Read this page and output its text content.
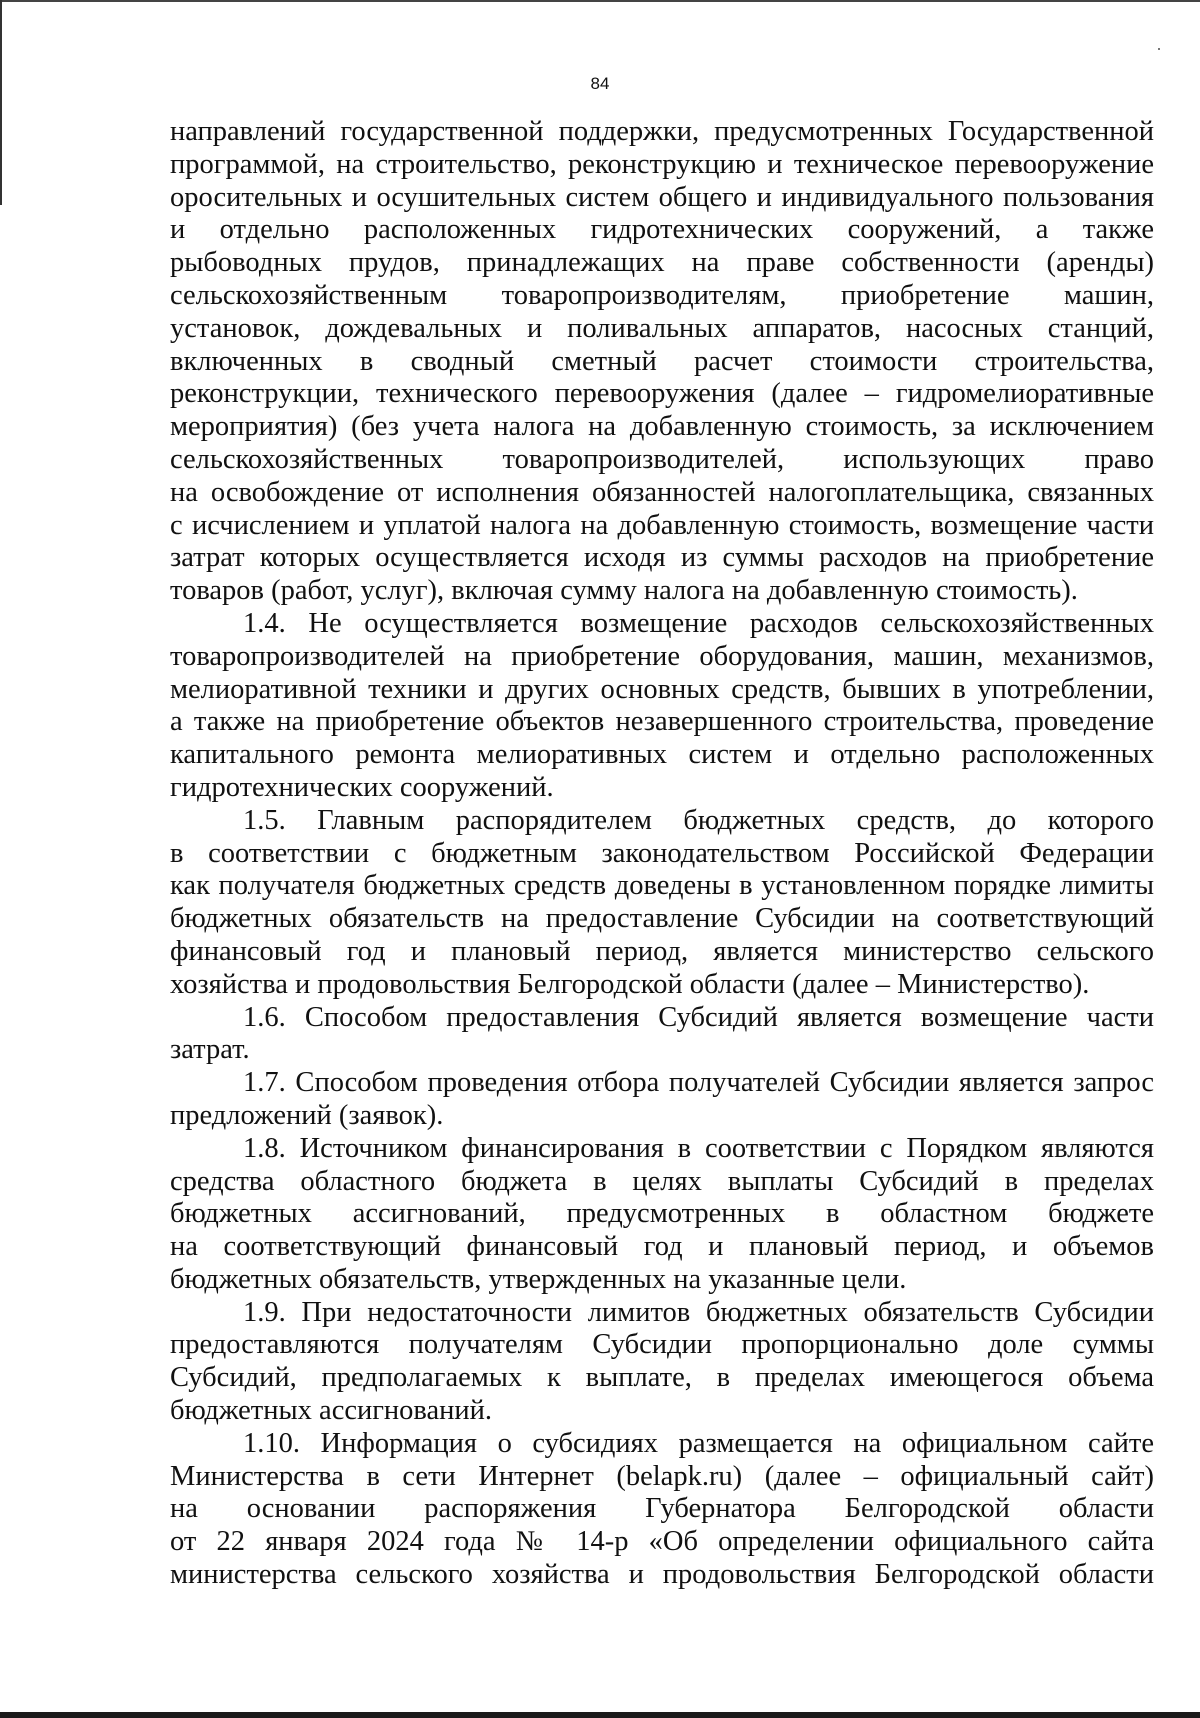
84
направлений государственной поддержки, предусмотренных Государственной
программой, на строительство, реконструкцию и техническое перевооружение
оросительных и осушительных систем общего и индивидуального пользования
и отдельно расположенных гидротехнических сооружений, а также
рыбоводных прудов, принадлежащих на праве собственности (аренды)
сельскохозяйственным товаропроизводителям, приобретение машин,
установок, дождевальных и поливальных аппаратов, насосных станций,
включенных в сводный сметный расчет стоимости строительства,
реконструкции, технического перевооружения (далее – гидромелиоративные
мероприятия) (без учета налога на добавленную стоимость, за исключением
сельскохозяйственных товаропроизводителей, использующих право
на освобождение от исполнения обязанностей налогоплательщика, связанных
с исчислением и уплатой налога на добавленную стоимость, возмещение части
затрат которых осуществляется исходя из суммы расходов на приобретение
товаров (работ, услуг), включая сумму налога на добавленную стоимость).
1.4. Не осуществляется возмещение расходов сельскохозяйственных
товаропроизводителей на приобретение оборудования, машин, механизмов,
мелиоративной техники и других основных средств, бывших в употреблении,
а также на приобретение объектов незавершенного строительства, проведение
капитального ремонта мелиоративных систем и отдельно расположенных
гидротехнических сооружений.
1.5. Главным распорядителем бюджетных средств, до которого
в соответствии с бюджетным законодательством Российской Федерации
как получателя бюджетных средств доведены в установленном порядке лимиты
бюджетных обязательств на предоставление Субсидии на соответствующий
финансовый год и плановый период, является министерство сельского
хозяйства и продовольствия Белгородской области (далее – Министерство).
1.6. Способом предоставления Субсидий является возмещение части
затрат.
1.7. Способом проведения отбора получателей Субсидии является запрос
предложений (заявок).
1.8. Источником финансирования в соответствии с Порядком являются
средства областного бюджета в целях выплаты Субсидий в пределах
бюджетных ассигнований, предусмотренных в областном бюджете
на соответствующий финансовый год и плановый период, и объемов
бюджетных обязательств, утвержденных на указанные цели.
1.9. При недостаточности лимитов бюджетных обязательств Субсидии
предоставляются получателям Субсидии пропорционально доле суммы
Субсидий, предполагаемых к выплате, в пределах имеющегося объема
бюджетных ассигнований.
1.10. Информация о субсидиях размещается на официальном сайте
Министерства в сети Интернет (belapk.ru) (далее – официальный сайт)
на основании распоряжения Губернатора Белгородской области
от 22 января 2024 года № 14-р «Об определении официального сайта
министерства сельского хозяйства и продовольствия Белгородской области
